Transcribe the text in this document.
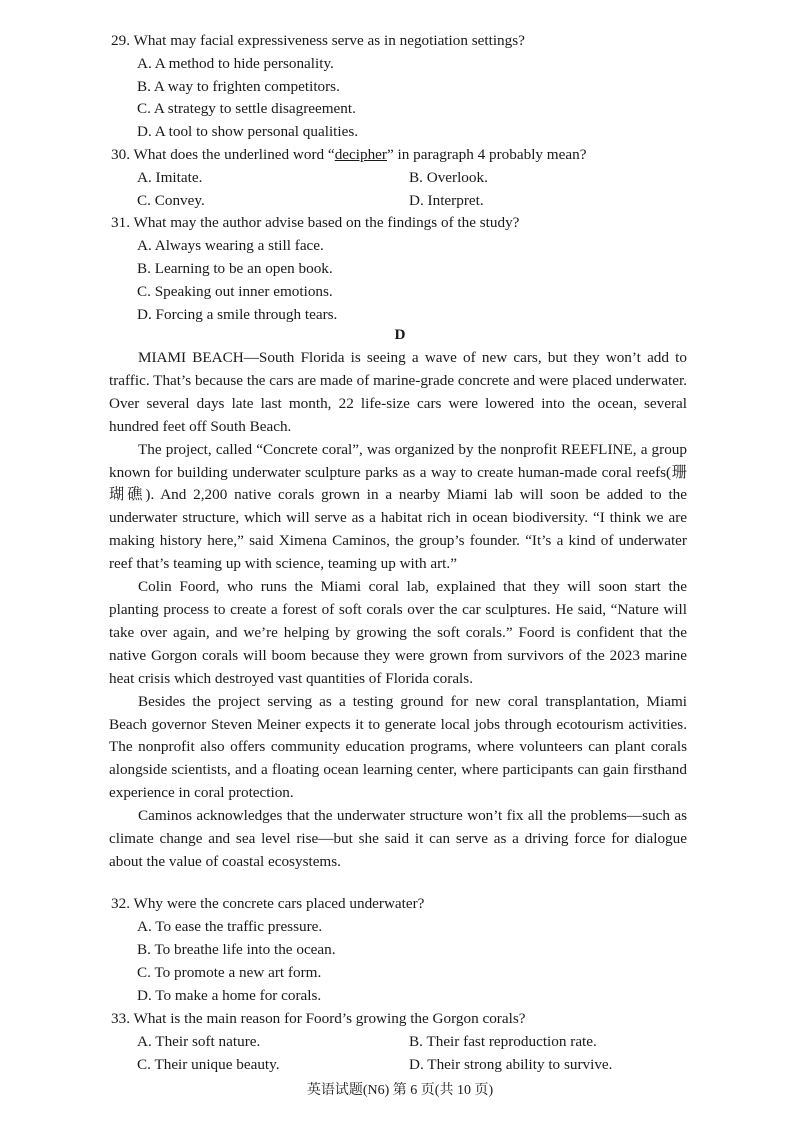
29. What may facial expressiveness serve as in negotiation settings?
A. A method to hide personality.
B. A way to frighten competitors.
C. A strategy to settle disagreement.
D. A tool to show personal qualities.
30. What does the underlined word “decipher” in paragraph 4 probably mean?
A. Imitate.	B. Overlook.
C. Convey.	D. Interpret.
31. What may the author advise based on the findings of the study?
A. Always wearing a still face.
B. Learning to be an open book.
C. Speaking out inner emotions.
D. Forcing a smile through tears.
D

MIAMI BEACH—South Florida is seeing a wave of new cars, but they won’t add to traffic. That’s because the cars are made of marine-grade concrete and were placed underwater. Over several days late last month, 22 life-size cars were lowered into the ocean, several hundred feet off South Beach.

The project, called “Concrete coral”, was organized by the nonprofit REEFLINE, a group known for building underwater sculpture parks as a way to create human-made coral reefs(珊瑚礁). And 2,200 native corals grown in a nearby Miami lab will soon be added to the underwater structure, which will serve as a habitat rich in ocean biodiversity. “I think we are making history here,” said Ximena Caminos, the group’s founder. “It’s a kind of underwater reef that’s teaming up with science, teaming up with art.”

Colin Foord, who runs the Miami coral lab, explained that they will soon start the planting process to create a forest of soft corals over the car sculptures. He said, “Nature will take over again, and we’re helping by growing the soft corals.” Foord is confident that the native Gorgon corals will boom because they were grown from survivors of the 2023 marine heat crisis which destroyed vast quantities of Florida corals.

Besides the project serving as a testing ground for new coral transplantation, Miami Beach governor Steven Meiner expects it to generate local jobs through ecotourism activities. The nonprofit also offers community education programs, where volunteers can plant corals alongside scientists, and a floating ocean learning center, where participants can gain firsthand experience in coral protection.

Caminos acknowledges that the underwater structure won’t fix all the problems—such as climate change and sea level rise—but she said it can serve as a driving force for dialogue about the value of coastal ecosystems.

32. Why were the concrete cars placed underwater?
A. To ease the traffic pressure.
B. To breathe life into the ocean.
C. To promote a new art form.
D. To make a home for corals.
33. What is the main reason for Foord’s growing the Gorgon corals?
A. Their soft nature.	B. Their fast reproduction rate.
C. Their unique beauty.	D. Their strong ability to survive.
英语试题(N6) 第 6 页(共 10 页)
